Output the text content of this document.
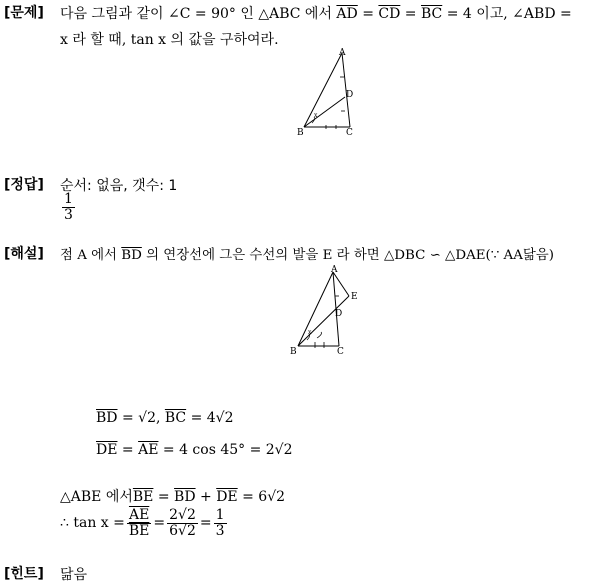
[문제] 다음 그림과 같이 ∠C = 90° 인 △ABC 에서 $\overline{AD} = \overline{CD} = \overline{BC} = 4$ 이고, ∠ABD =
x 라 할 때, tan x 의 값을 구하여라.
A
D
B	C
x
[정답] 순서: 없음, 갯수: 1
$\frac{1}{3}$
[해설] 점 A 에서 $\overline{BD}$ 의 연장선에 그은 수선의 발을 E 라 하면 △DBC ∽ △DAE(∵ AA닮음)
A
E
D
B	C
x
$\overline{BD} = √2$, $\overline{BC} = 4√2$
$\overline{DE} = \overline{AE} = 4$ cos 45° = 2√2
△ABE 에서$\overline{BE} = \overline{BD} + \overline{DE} = 6√2$
∴ $\tan x = \frac{\overline{AE}}{BE} = \frac{2√2}{6√2} = \frac{1}{3}$
[힌트] 닮음
